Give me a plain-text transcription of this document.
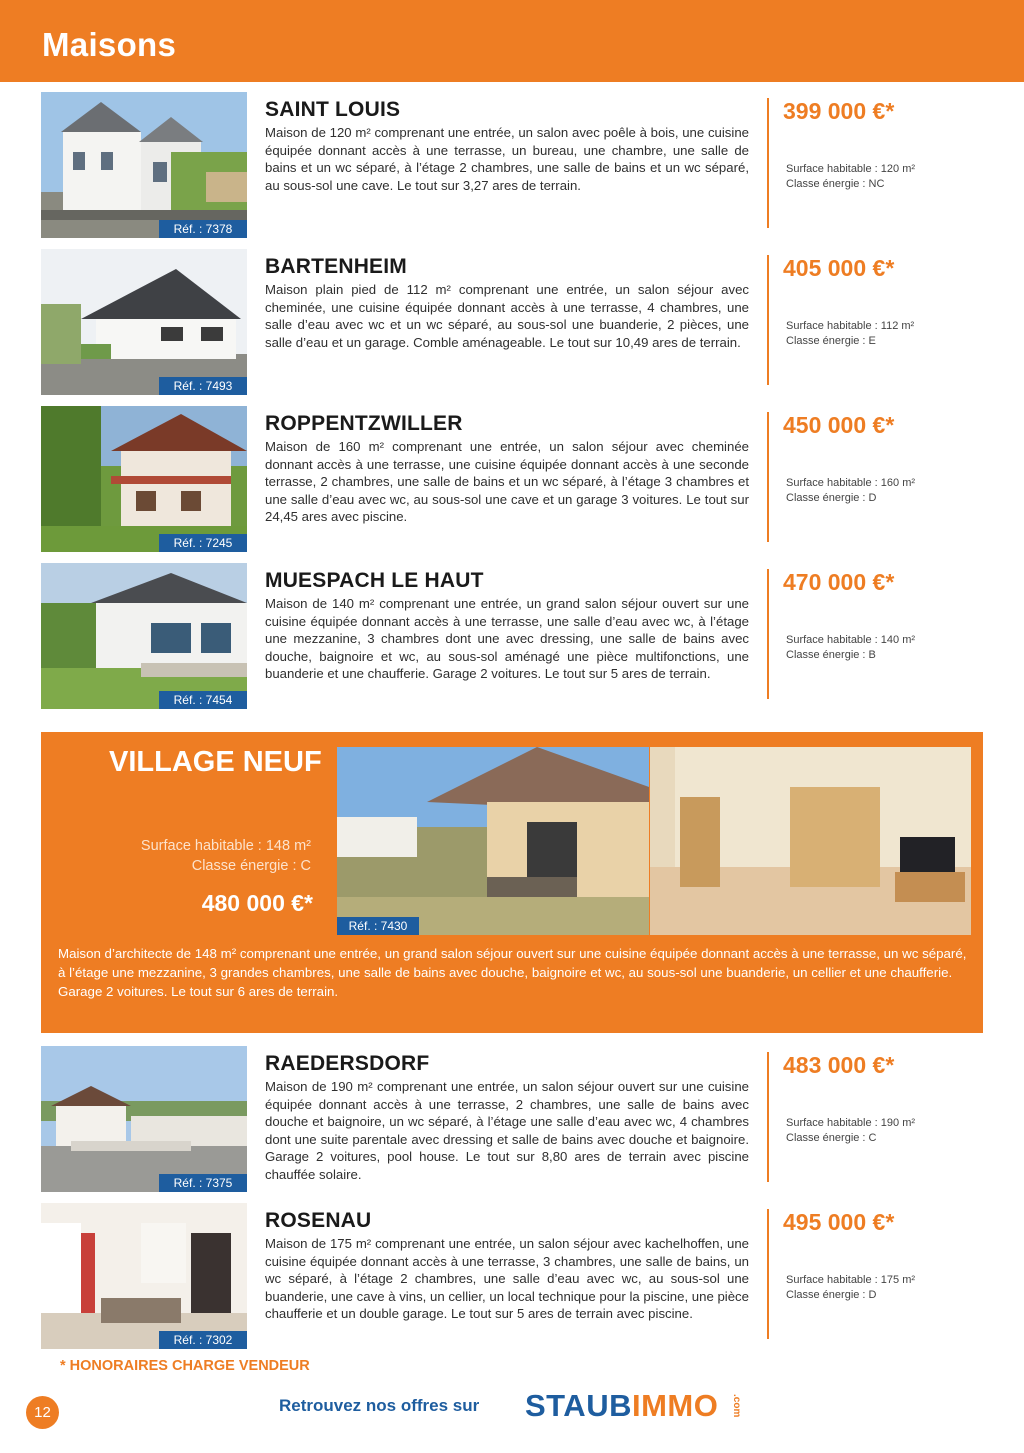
Maisons
Réf. : 7378
SAINT LOUIS
Maison de 120 m² comprenant une entrée, un salon avec poêle à bois, une cuisine équipée donnant accès à une terrasse, un bureau, une chambre, une salle de bains et un wc séparé, à l’étage 2 chambres, une salle de bains et un wc séparé, au sous-sol une cave. Le tout sur 3,27 ares de terrain.
399 000 €*
Surface habitable : 120 m²
Classe énergie : NC
Réf. : 7493
BARTENHEIM
Maison plain pied de 112 m² comprenant une entrée, un salon séjour avec cheminée, une cuisine équipée donnant accès à une terrasse, 4 chambres, une salle d’eau avec wc et un wc séparé, au sous-sol une buanderie, 2 pièces, une salle d’eau et un garage. Comble aménageable. Le tout sur 10,49 ares de terrain.
405 000 €*
Surface habitable : 112 m²
Classe énergie : E
Réf. : 7245
ROPPENTZWILLER
Maison de 160 m² comprenant une entrée, un salon séjour avec cheminée donnant accès à une terrasse, une cuisine équipée donnant accès à une seconde terrasse, 2 chambres, une salle de bains et un wc séparé, à l’étage 3 chambres et une salle d’eau avec wc, au sous-sol une cave et un garage 3 voitures. Le tout sur 24,45 ares avec piscine.
450 000 €*
Surface habitable : 160 m²
Classe énergie : D
Réf. : 7454
MUESPACH LE HAUT
Maison de 140 m² comprenant une entrée, un grand salon séjour ouvert sur une cuisine équipée donnant accès à une terrasse, une salle d’eau avec wc, à l’étage une mezzanine, 3 chambres dont une avec dressing, une salle de bains avec douche, baignoire et wc, au sous-sol aménagé une pièce multifonctions, une buanderie et une chaufferie. Garage 2 voitures. Le tout sur 5 ares de terrain.
470 000 €*
Surface habitable : 140 m²
Classe énergie : B
VILLAGE NEUF
Surface habitable : 148 m²
Classe énergie : C
480 000 €*
Réf. : 7430
Maison d’architecte de 148 m² comprenant une entrée, un grand salon séjour ouvert sur une cuisine équipée donnant accès à une terrasse, un wc séparé, à l’étage une mezzanine, 3 grandes chambres, une salle de bains avec douche, baignoire et wc, au sous-sol une buanderie, un cellier et une chaufferie. Garage 2 voitures. Le tout sur 6 ares de terrain.
Réf. : 7375
RAEDERSDORF
Maison de 190 m² comprenant une entrée, un salon séjour ouvert sur une cuisine équipée donnant accès à une terrasse, 2 chambres, une salle de bains avec douche et baignoire, un wc séparé, à l’étage une salle d’eau avec wc, 4 chambres dont une suite parentale avec dressing et salle de bains avec douche et baignoire. Garage 2 voitures, pool house. Le tout sur 8,80 ares de terrain avec piscine chauffée solaire.
483 000 €*
Surface habitable : 190 m²
Classe énergie : C
Réf. : 7302
ROSENAU
Maison de 175 m² comprenant une entrée, un salon séjour avec kachelhoffen, une cuisine équipée donnant accès à une terrasse, 3 chambres, une salle de bains, un wc séparé, à l’étage 2 chambres, une salle d’eau avec wc, au sous-sol une buanderie, une cave à vins, un cellier, un local technique pour la piscine, une pièce chaufferie et un double garage. Le tout sur 5 ares de terrain avec piscine.
495 000 €*
Surface habitable : 175 m²
Classe énergie : D
* HONORAIRES CHARGE VENDEUR
12	Retrouvez nos offres sur STAUBIMMO .com
